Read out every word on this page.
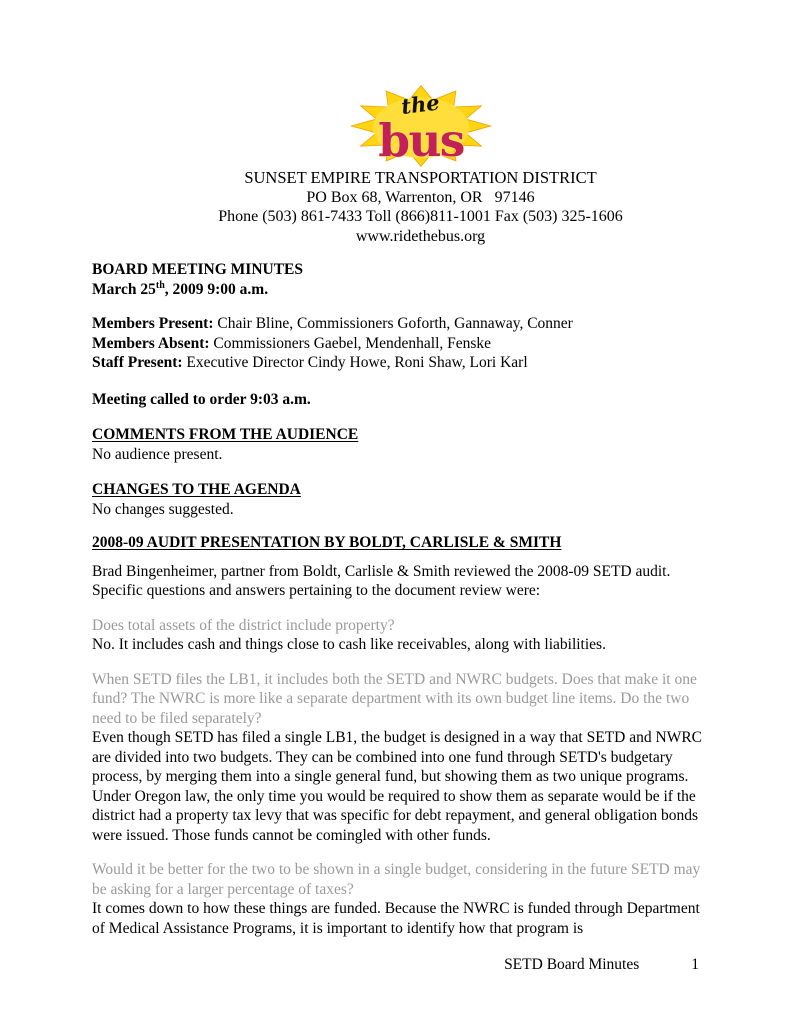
the
bus
SUNSET EMPIRE TRANSPORTATION DISTRICT
PO Box 68, Warrenton, OR   97146
Phone (503) 861-7433 Toll (866)811-1001 Fax (503) 325-1606
www.ridethebus.org
BOARD MEETING MINUTES
March 25th, 2009 9:00 a.m.
Members Present: Chair Bline, Commissioners Goforth, Gannaway, Conner
Members Absent: Commissioners Gaebel, Mendenhall, Fenske
Staff Present: Executive Director Cindy Howe, Roni Shaw, Lori Karl
Meeting called to order 9:03 a.m.
COMMENTS FROM THE AUDIENCE
No audience present.
CHANGES TO THE AGENDA
No changes suggested.
2008-09 AUDIT PRESENTATION BY BOLDT, CARLISLE & SMITH
Brad Bingenheimer, partner from Boldt, Carlisle & Smith reviewed the 2008-09 SETD audit. Specific questions and answers pertaining to the document review were:
Does total assets of the district include property?
No. It includes cash and things close to cash like receivables, along with liabilities.
When SETD files the LB1, it includes both the SETD and NWRC budgets. Does that make it one fund? The NWRC is more like a separate department with its own budget line items. Do the two need to be filed separately?
Even though SETD has filed a single LB1, the budget is designed in a way that SETD and NWRC are divided into two budgets. They can be combined into one fund through SETD's budgetary process, by merging them into a single general fund, but showing them as two unique programs. Under Oregon law, the only time you would be required to show them as separate would be if the district had a property tax levy that was specific for debt repayment, and general obligation bonds were issued. Those funds cannot be comingled with other funds.
Would it be better for the two to be shown in a single budget, considering in the future SETD may be asking for a larger percentage of taxes?
It comes down to how these things are funded. Because the NWRC is funded through Department of Medical Assistance Programs, it is important to identify how that program is
SETD Board Minutes	1
